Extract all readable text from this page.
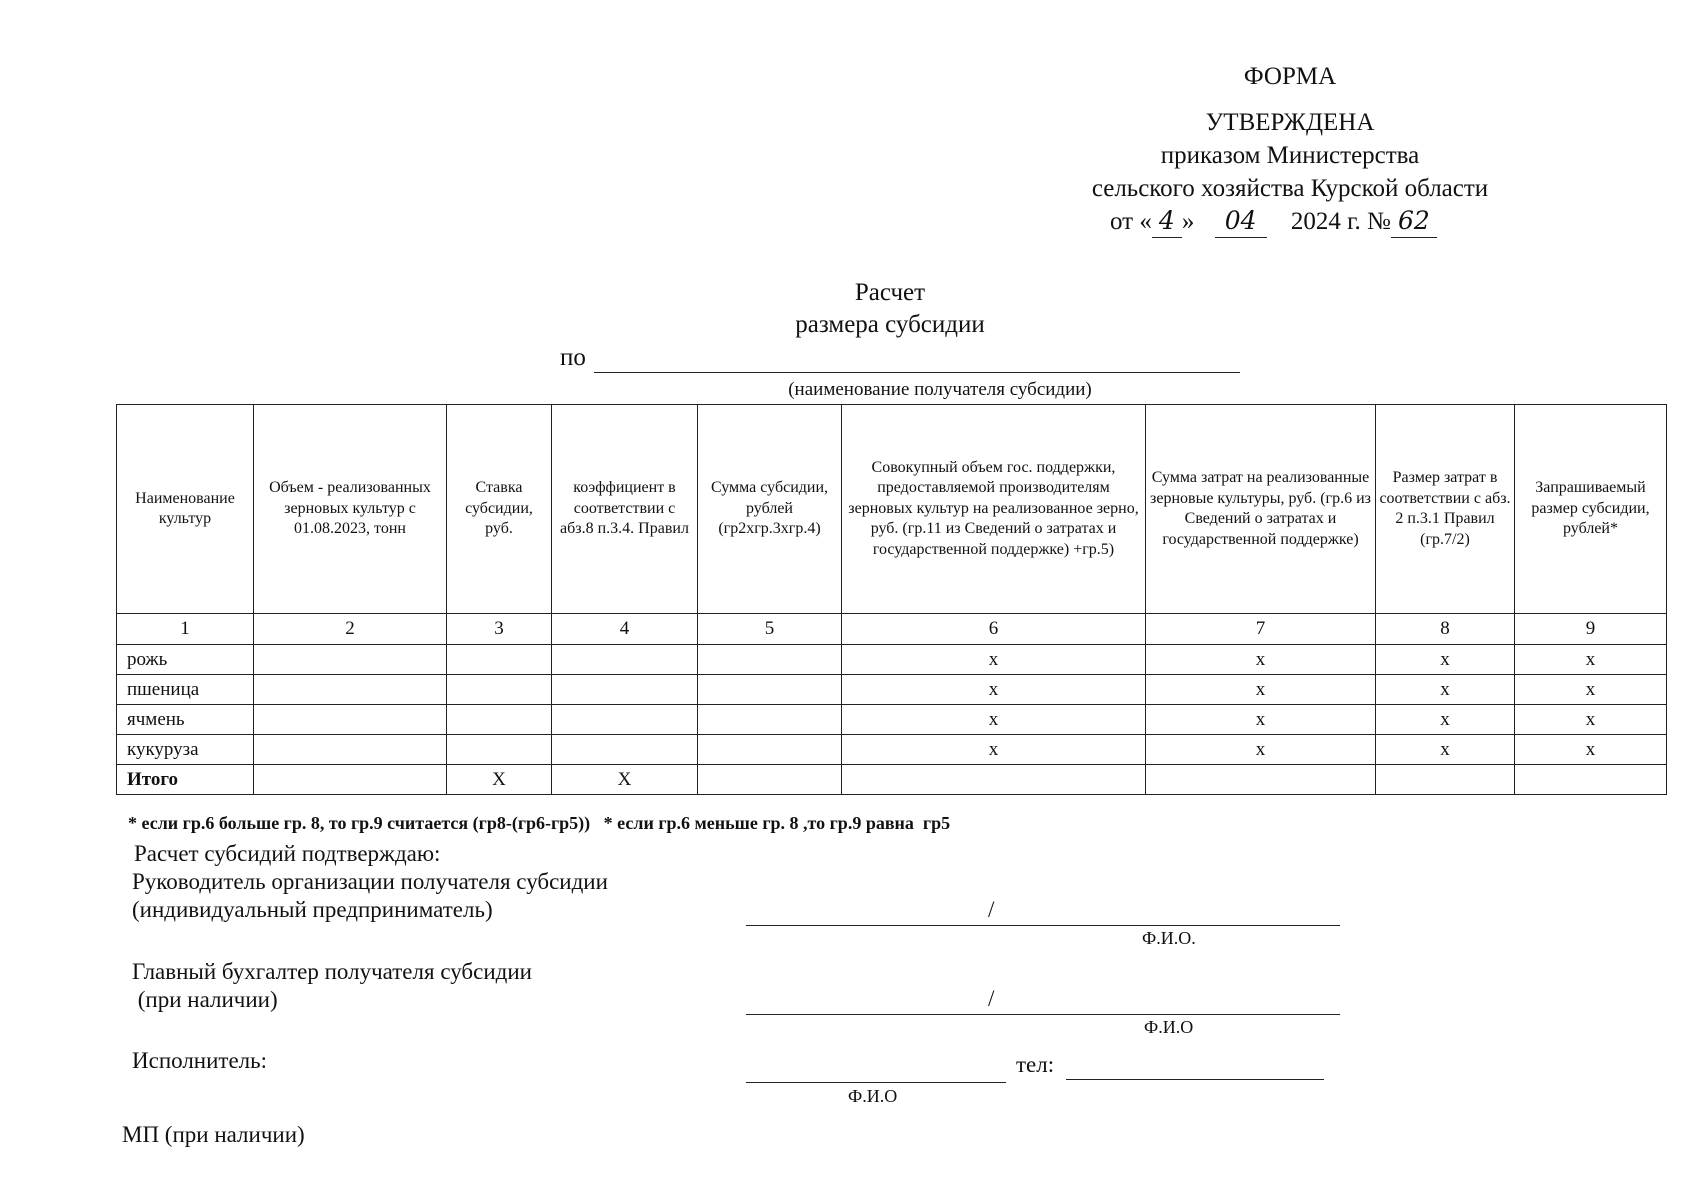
ФОРМА
УТВЕРЖДЕНА
приказом Министерства
сельского хозяйства Курской области
от « 4 » 04 2024 г. № 62
Расчет
размера субсидии
по
(наименование получателя субсидии)
Наименование культур	Объем - реализованных зерновых культур с 01.08.2023, тонн	Ставка субсидии, руб.	коэффициент в соответствии с абз.8 п.3.4. Правил	Сумма субсидии, рублей (гр2хгр.3хгр.4)	Совокупный объем гос. поддержки, предоставляемой производителям зерновых культур на реализованное зерно, руб. (гр.11 из Сведений о затратах и государственной поддержке) +гр.5)	Сумма затрат на реализованные зерновые культуры, руб. (гр.6 из Сведений о затратах и государственной поддержке)	Размер затрат в соответствии с абз. 2 п.3.1 Правил (гр.7/2)	Запрашиваемый размер субсидии, рублей*
1	2	3	4	5	6	7	8	9
рожь					х	х	х	х
пшеница					х	х	х	х
ячмень					х	х	х	х
кукуруза					х	х	х	х
Итого		Х	Х					
* если гр.6 больше гр. 8, то гр.9 считается (гр8-(гр6-гр5))   * если гр.6 меньше гр. 8 ,то гр.9 равна  гр5
Расчет субсидий подтверждаю:
Руководитель организации получателя субсидии
(индивидуальный предприниматель)	/
Ф.И.О.
Главный бухгалтер получателя субсидии
(при наличии)	/
Ф.И.О
Исполнитель:	тел:
Ф.И.О
МП (при наличии)
